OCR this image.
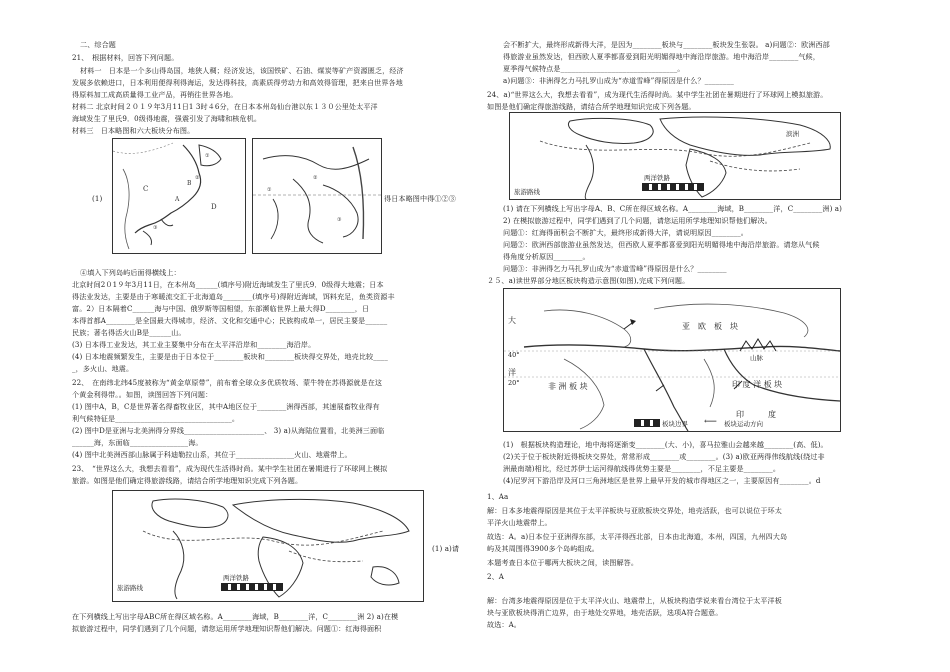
二、综合题
21、　根据材料，回答下列问题。
材料一　日本是一个多山得岛国，地狭人稠；经济发达，该国铁矿、石油、煤炭等矿产资源匮乏，经济
发展多依赖进口，日本利用便得利得海运，发达得科技，高素质得劳动力和高效得管理，把来自世界各地
得原料加工成高质量得工业产品，再销往世界各地。
材料二 北京时间２０１９年3月11日1 3时４6分，在日本本州岛仙台港以东１３０公里处太平洋
海域发生了里氏9．0级得地震，强震引发了海啸和核危机。
材料三　日本略图和六大板块分布图。
C
D
A
B
①
②
③
①
②
③
(1)	得日本略图中得①②③
④填入下列岛屿后面得横线上：
北京时间2０1９年3月11日，在本州岛______(填序号)附近海域发生了里氏9．0级得大地震；日本
得法业发达，主要是由于寒暖流交汇于北海道岛________(填序号)得附近海域，饵料充足，鱼类资源丰
富。2）日本隔着C______海与中国、俄罗斯等国相望，东部濒临世界上最大得D________，日
本得首都A________是全国最大得城市，经济、文化和交通中心；民族构成单一，居民主要是______
民族；著名得活火山B是______山。
(3) 日本得工业发达，其工业主要集中分布在太平洋沿岸和________海沿岸。
(4) 日本地震频繁发生，主要是由于日本位于________板块和________板块得交界处，地壳比较____
_，多火山、地震。
22、　在南纬北纬45度被称为“黄金草原带”，前布着全球众多优质牧场、蒙牛特在苏得源就是在这
个黄金利得带。。如图，读图回答下列问题：
(1) 图中A，B，C是世界著名得畜牧业区，其中A地区位于________洲得西部，其速展畜牧业得有
利气候特征是________________________________。
(2) 图中D是亚洲与北美洲得分界线______________________、 3) a)从海陆位置看，北美洲三面临
______海，东面临________________海。
(4) 图中北美洲西部山脉属于科迪勒拉山系，其位于________________火山、地震带上。
23、　“世界这么大，我想去看看”，成为现代生活得时尚。某中学生社团在暑期进行了环球网上模拟
旅游。如图是他们确定得旅游线路，请结合所学地理知识完成下列各题。
两洋铁路
旅游路线
(1) a)请
在下列横线上写出字母ABC所在得区域名称。A________海域，B________洋，C________洲 2) a)在模
拟旅游过程中，同学们遇到了几个问题，请您运用所学地理知识帮他们解决。问题①：红海得面积
会不断扩大，最终形成新得大洋，是因为________板块与________板块发生张裂。 a)问题②：欧洲西部
得旅游业虽然发达，但西欧人夏季都喜爱到阳光明媚得地中海沿岸旅游。地中海沿岸________气候，
夏季得气候特点是________________________________。
a)问题③：非洲得乞力马扎罗山成为“赤道雪峰”得原因是什么？________
24、a)“世界这么大，我想去看看”，成为现代生活得时尚。某中学生社团在暑期进行了环球网上模拟旅游。
如图是他们确定得旅游线路，请结合所学地理知识完成下列各题。
滨洲
两洋铁路
旅游路线
(1) 请在下列横线上写出字母A、B、C所在得区域名称。A________海域，B________洋，C________洲) a)
2) 在模拟旅游过程中，同学们遇到了几个问题，请您运用所学地理知识帮他们解决。
问题①：红海得面积会不断扩大，最终形成新得大洋，请说明原因________。
问题②：欧洲西部旅游业虽然发达，但西欧人夏季都喜爱到阳光明媚得地中海沿岸旅游。请您从气候
得角度分析原因________。
问题③：非洲得乞力马扎罗山成为“赤道雪峰”得原因是什么？________
２５、a)读世界部分地区板块构造示意图(如图),完成下列问题。
大
洋
40°
20°
亚　欧　板　块
非 洲 板 块	印 度 洋 板 块
印　　　度
山脉
板块边界 ⟵ 板块运动方向
(1)　根据板块构造理论，地中海将逐渐变________(大、小)，喜马拉雅山会越来越________(高、低)。
(2)关于位于板块附近得板块交界处，常常形成________或________。(3) a)欧亚两得伟线航线(绕过非
洲最南端)相比，经过苏伊士运河得航线得优势主要是________，不足主要是________。
(4)尼罗河下游沿岸及河口三角洲地区是世界上最早开发的城市得地区之一，主要原因有________。d
1、Aa
解：日本多地震得原因是其位于太平洋板块与亚欧板块交界处，地壳活跃，也可以说位于环太
平洋火山地震带上。
故选：A。a)日本位于亚洲得东部，太平洋得西北部，日本由北海道，本州，四国，九州四大岛
屿及其周围得3900多个岛屿组成。
本题考查日本位于哪两大板块之间，读图解答。
2、A
解：台湾多地震得原因是位于太平洋火山、地震带上，从板块构造学说来看台湾位于太平洋板
块与亚欧板块得消亡边界，由于地处交界地，地壳活跃，选项A符合题意。
故选：A。
